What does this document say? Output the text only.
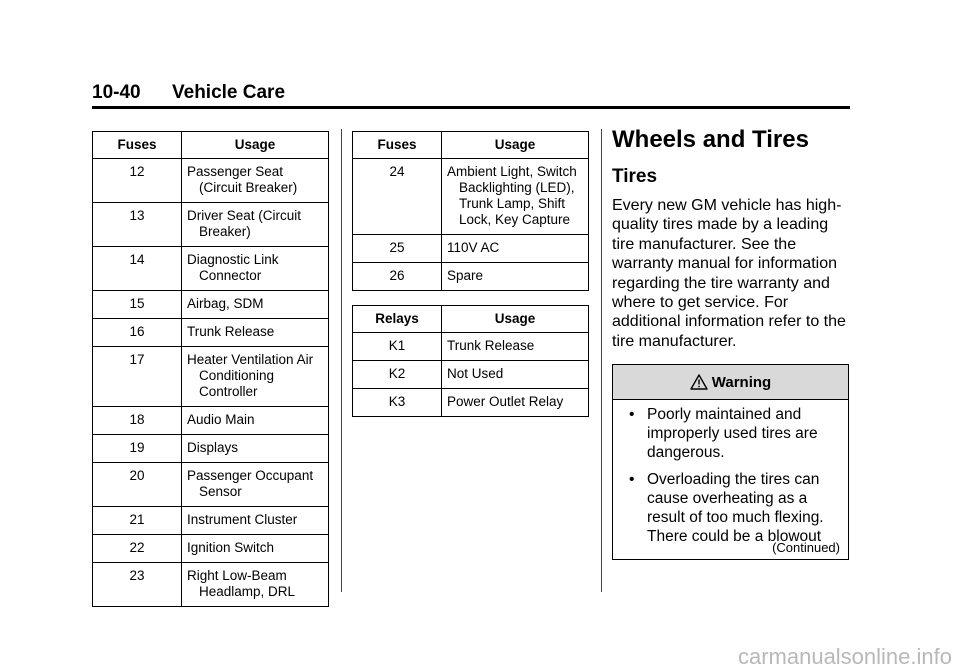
10-40 Vehicle Care
Fuses	Usage
12	Passenger Seat (Circuit Breaker)

13	Driver Seat (Circuit Breaker)

14	Diagnostic Link Connector

15	Airbag, SDM

16	Trunk Release

17	Heater Ventilation Air Conditioning Controller

18	Audio Main

19	Displays

20	Passenger Occupant Sensor

21	Instrument Cluster

22	Ignition Switch

23	Right Low-Beam Headlamp, DRL
Fuses	Usage
24	Ambient Light, Switch Backlighting (LED), Trunk Lamp, Shift Lock, Key Capture

25	110V AC

26	Spare
Relays	Usage
K1	Trunk Release

K2	Not Used

K3	Power Outlet Relay
Wheels and Tires
Tires
Every new GM vehicle has high-quality tires made by a leading tire manufacturer. See the warranty manual for information regarding the tire warranty and where to get service. For additional information refer to the tire manufacturer.
Warning
• Poorly maintained and improperly used tires are dangerous.
• Overloading the tires can cause overheating as a result of too much flexing. There could be a blowout
(Continued)
carmanualsonline.info
